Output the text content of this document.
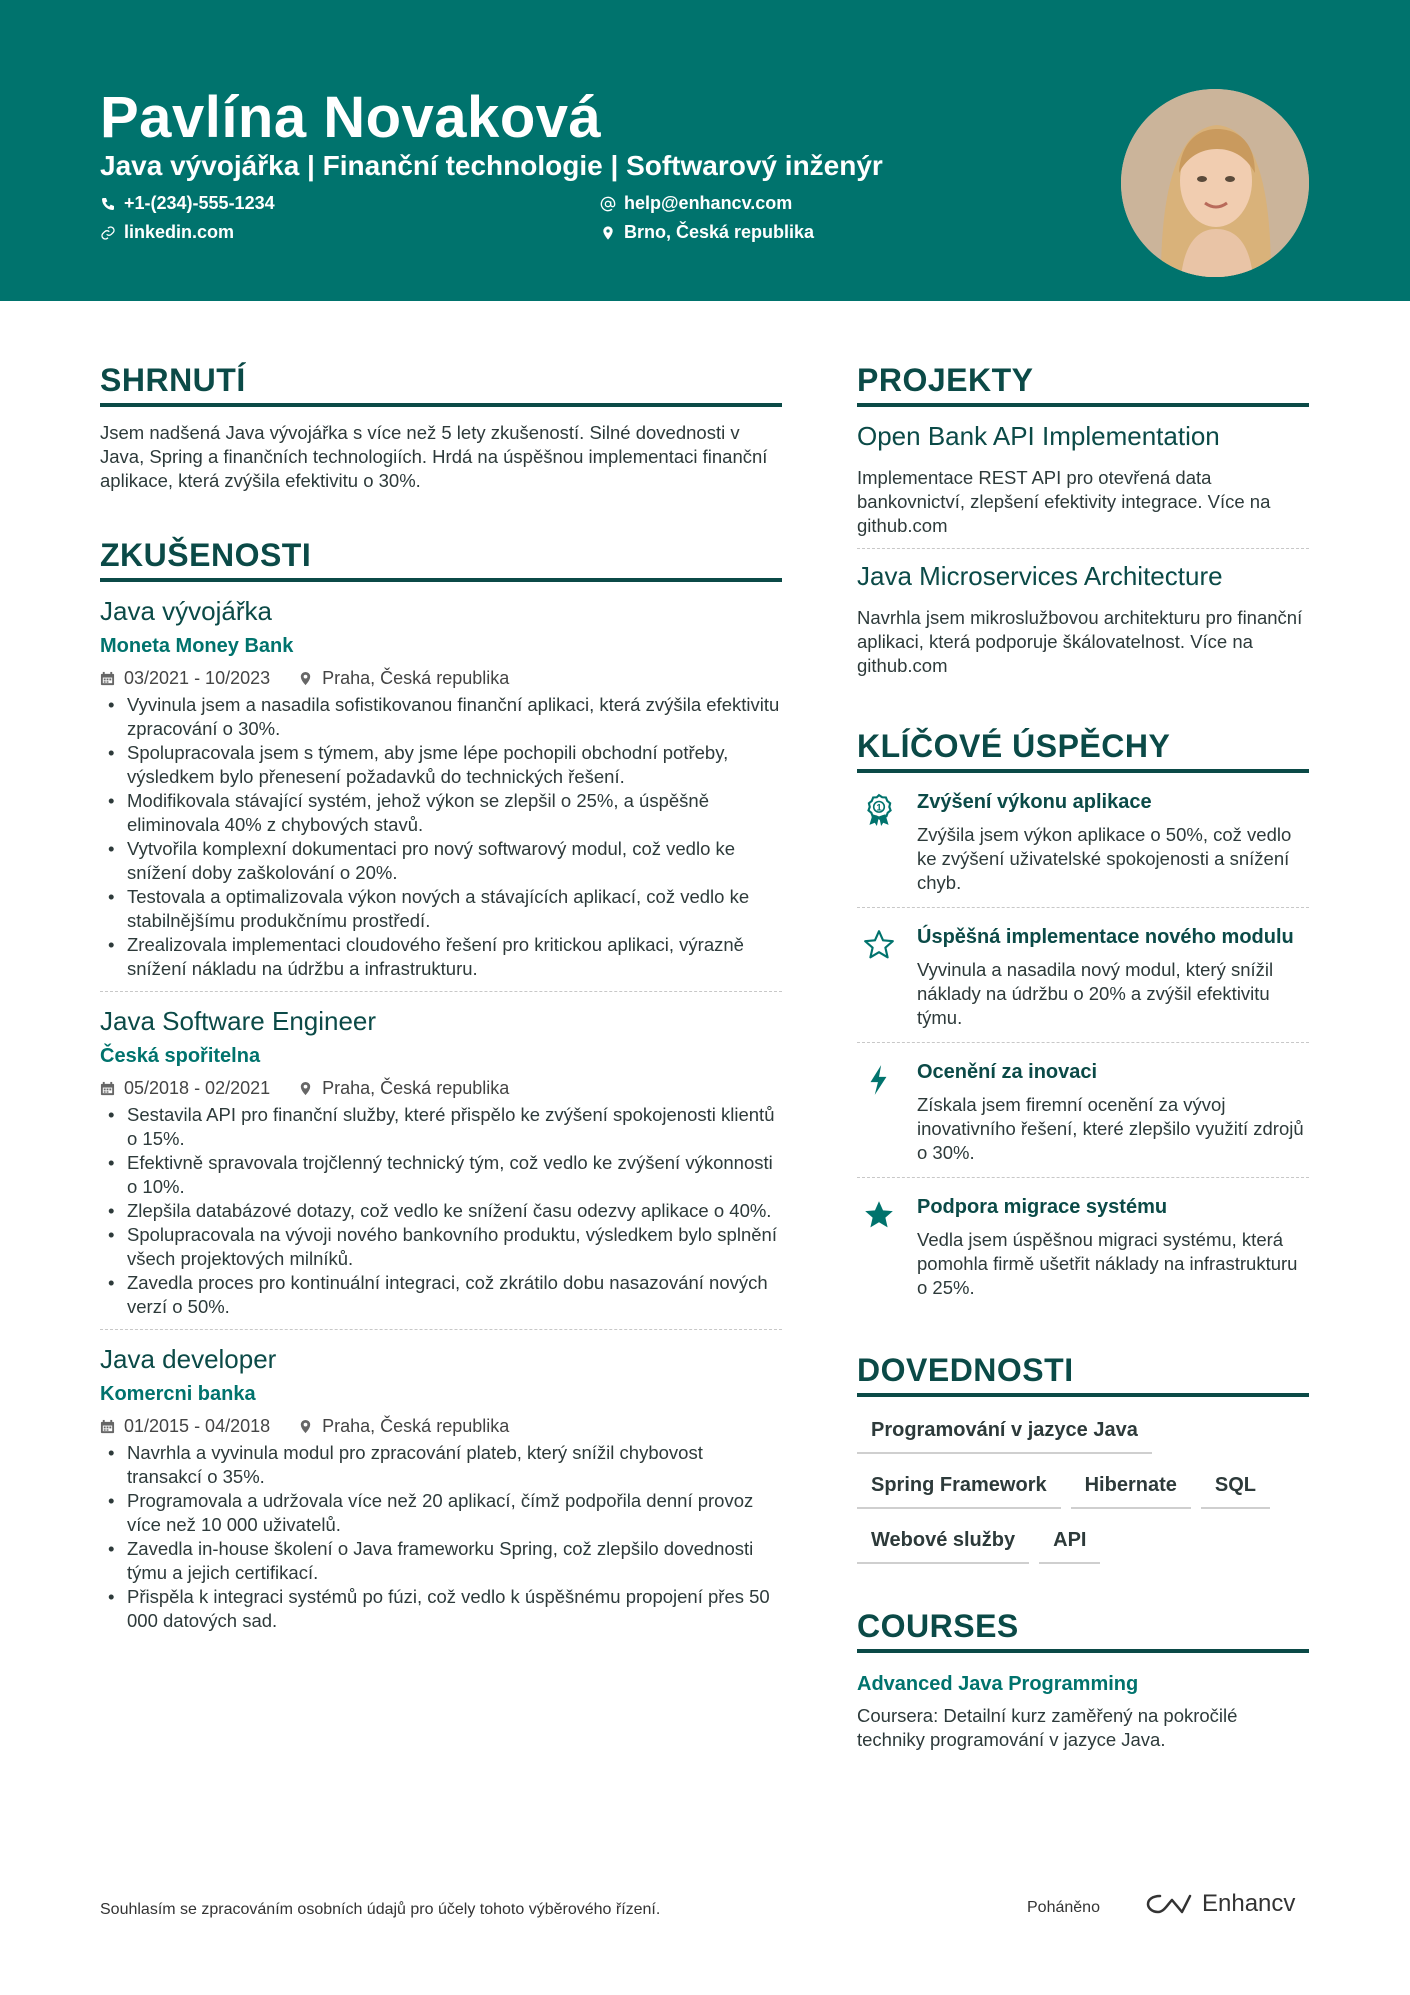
Pavlína Novaková
Java vývojářka | Finanční technologie | Softwarový inženýr
+1-(234)-555-1234	help@enhancv.com
linkedin.com	Brno, Česká republika
SHRNUTÍ

Jsem nadšená Java vývojářka s více než 5 lety zkušeností. Silné dovednosti v Java, Spring a finančních technologiích. Hrdá na úspěšnou implementaci finanční aplikace, která zvýšila efektivitu o 30%.

ZKUŠENOSTI
Java vývojářka
Moneta Money Bank
03/2021 - 10/2023	Praha, Česká republika
• Vyvinula jsem a nasadila sofistikovanou finanční aplikaci, která zvýšila efektivitu zpracování o 30%.
• Spolupracovala jsem s týmem, aby jsme lépe pochopili obchodní potřeby, výsledkem bylo přenesení požadavků do technických řešení.
• Modifikovala stávající systém, jehož výkon se zlepšil o 25%, a úspěšně eliminovala 40% z chybových stavů.
• Vytvořila komplexní dokumentaci pro nový softwarový modul, což vedlo ke snížení doby zaškolování o 20%.
• Testovala a optimalizovala výkon nových a stávajících aplikací, což vedlo ke stabilnějšímu produkčnímu prostředí.
• Zrealizovala implementaci cloudového řešení pro kritickou aplikaci, výrazně snížení nákladu na údržbu a infrastrukturu.
Java Software Engineer
Česká spořitelna
05/2018 - 02/2021	Praha, Česká republika
• Sestavila API pro finanční služby, které přispělo ke zvýšení spokojenosti klientů o 15%.
• Efektivně spravovala trojčlenný technický tým, což vedlo ke zvýšení výkonnosti o 10%.
• Zlepšila databázové dotazy, což vedlo ke snížení času odezvy aplikace o 40%.
• Spolupracovala na vývoji nového bankovního produktu, výsledkem bylo splnění všech projektových milníků.
• Zavedla proces pro kontinuální integraci, což zkrátilo dobu nasazování nových verzí o 50%.
Java developer
Komercni banka
01/2015 - 04/2018	Praha, Česká republika
• Navrhla a vyvinula modul pro zpracování plateb, který snížil chybovost transakcí o 35%.
• Programovala a udržovala více než 20 aplikací, čímž podpořila denní provoz více než 10 000 uživatelů.
• Zavedla in-house školení o Java frameworku Spring, což zlepšilo dovednosti týmu a jejich certifikací.
• Přispěla k integraci systémů po fúzi, což vedlo k úspěšnému propojení přes 50 000 datových sad.
PROJEKTY
Open Bank API Implementation

Implementace REST API pro otevřená data bankovnictví, zlepšení efektivity integrace. Více na github.com

Java Microservices Architecture

Navrhla jsem mikroslužbovou architekturu pro finanční aplikaci, která podporuje škálovatelnost. Více na github.com

KLÍČOVÉ ÚSPĚCHY
1 Zvýšení výkonu aplikace

Zvýšila jsem výkon aplikace o 50%, což vedlo ke zvýšení uživatelské spokojenosti a snížení chyb.

Úspěšná implementace nového modulu

Vyvinula a nasadila nový modul, který snížil náklady na údržbu o 20% a zvýšil efektivitu týmu.

Ocenění za inovaci

Získala jsem firemní ocenění za vývoj inovativního řešení, které zlepšilo využití zdrojů o 30%.

Podpora migrace systému

Vedla jsem úspěšnou migraci systému, která pomohla firmě ušetřit náklady na infrastrukturu o 25%.

DOVEDNOSTI
Programování v jazyce Java
Spring Framework	Hibernate	SQL
Webové služby	API
COURSES
Advanced Java Programming

Coursera: Detailní kurz zaměřený na pokročilé techniky programování v jazyce Java.

Souhlasím se zpracováním osobních údajů pro účely tohoto výběrového řízení.	Poháněno	Enhancv
